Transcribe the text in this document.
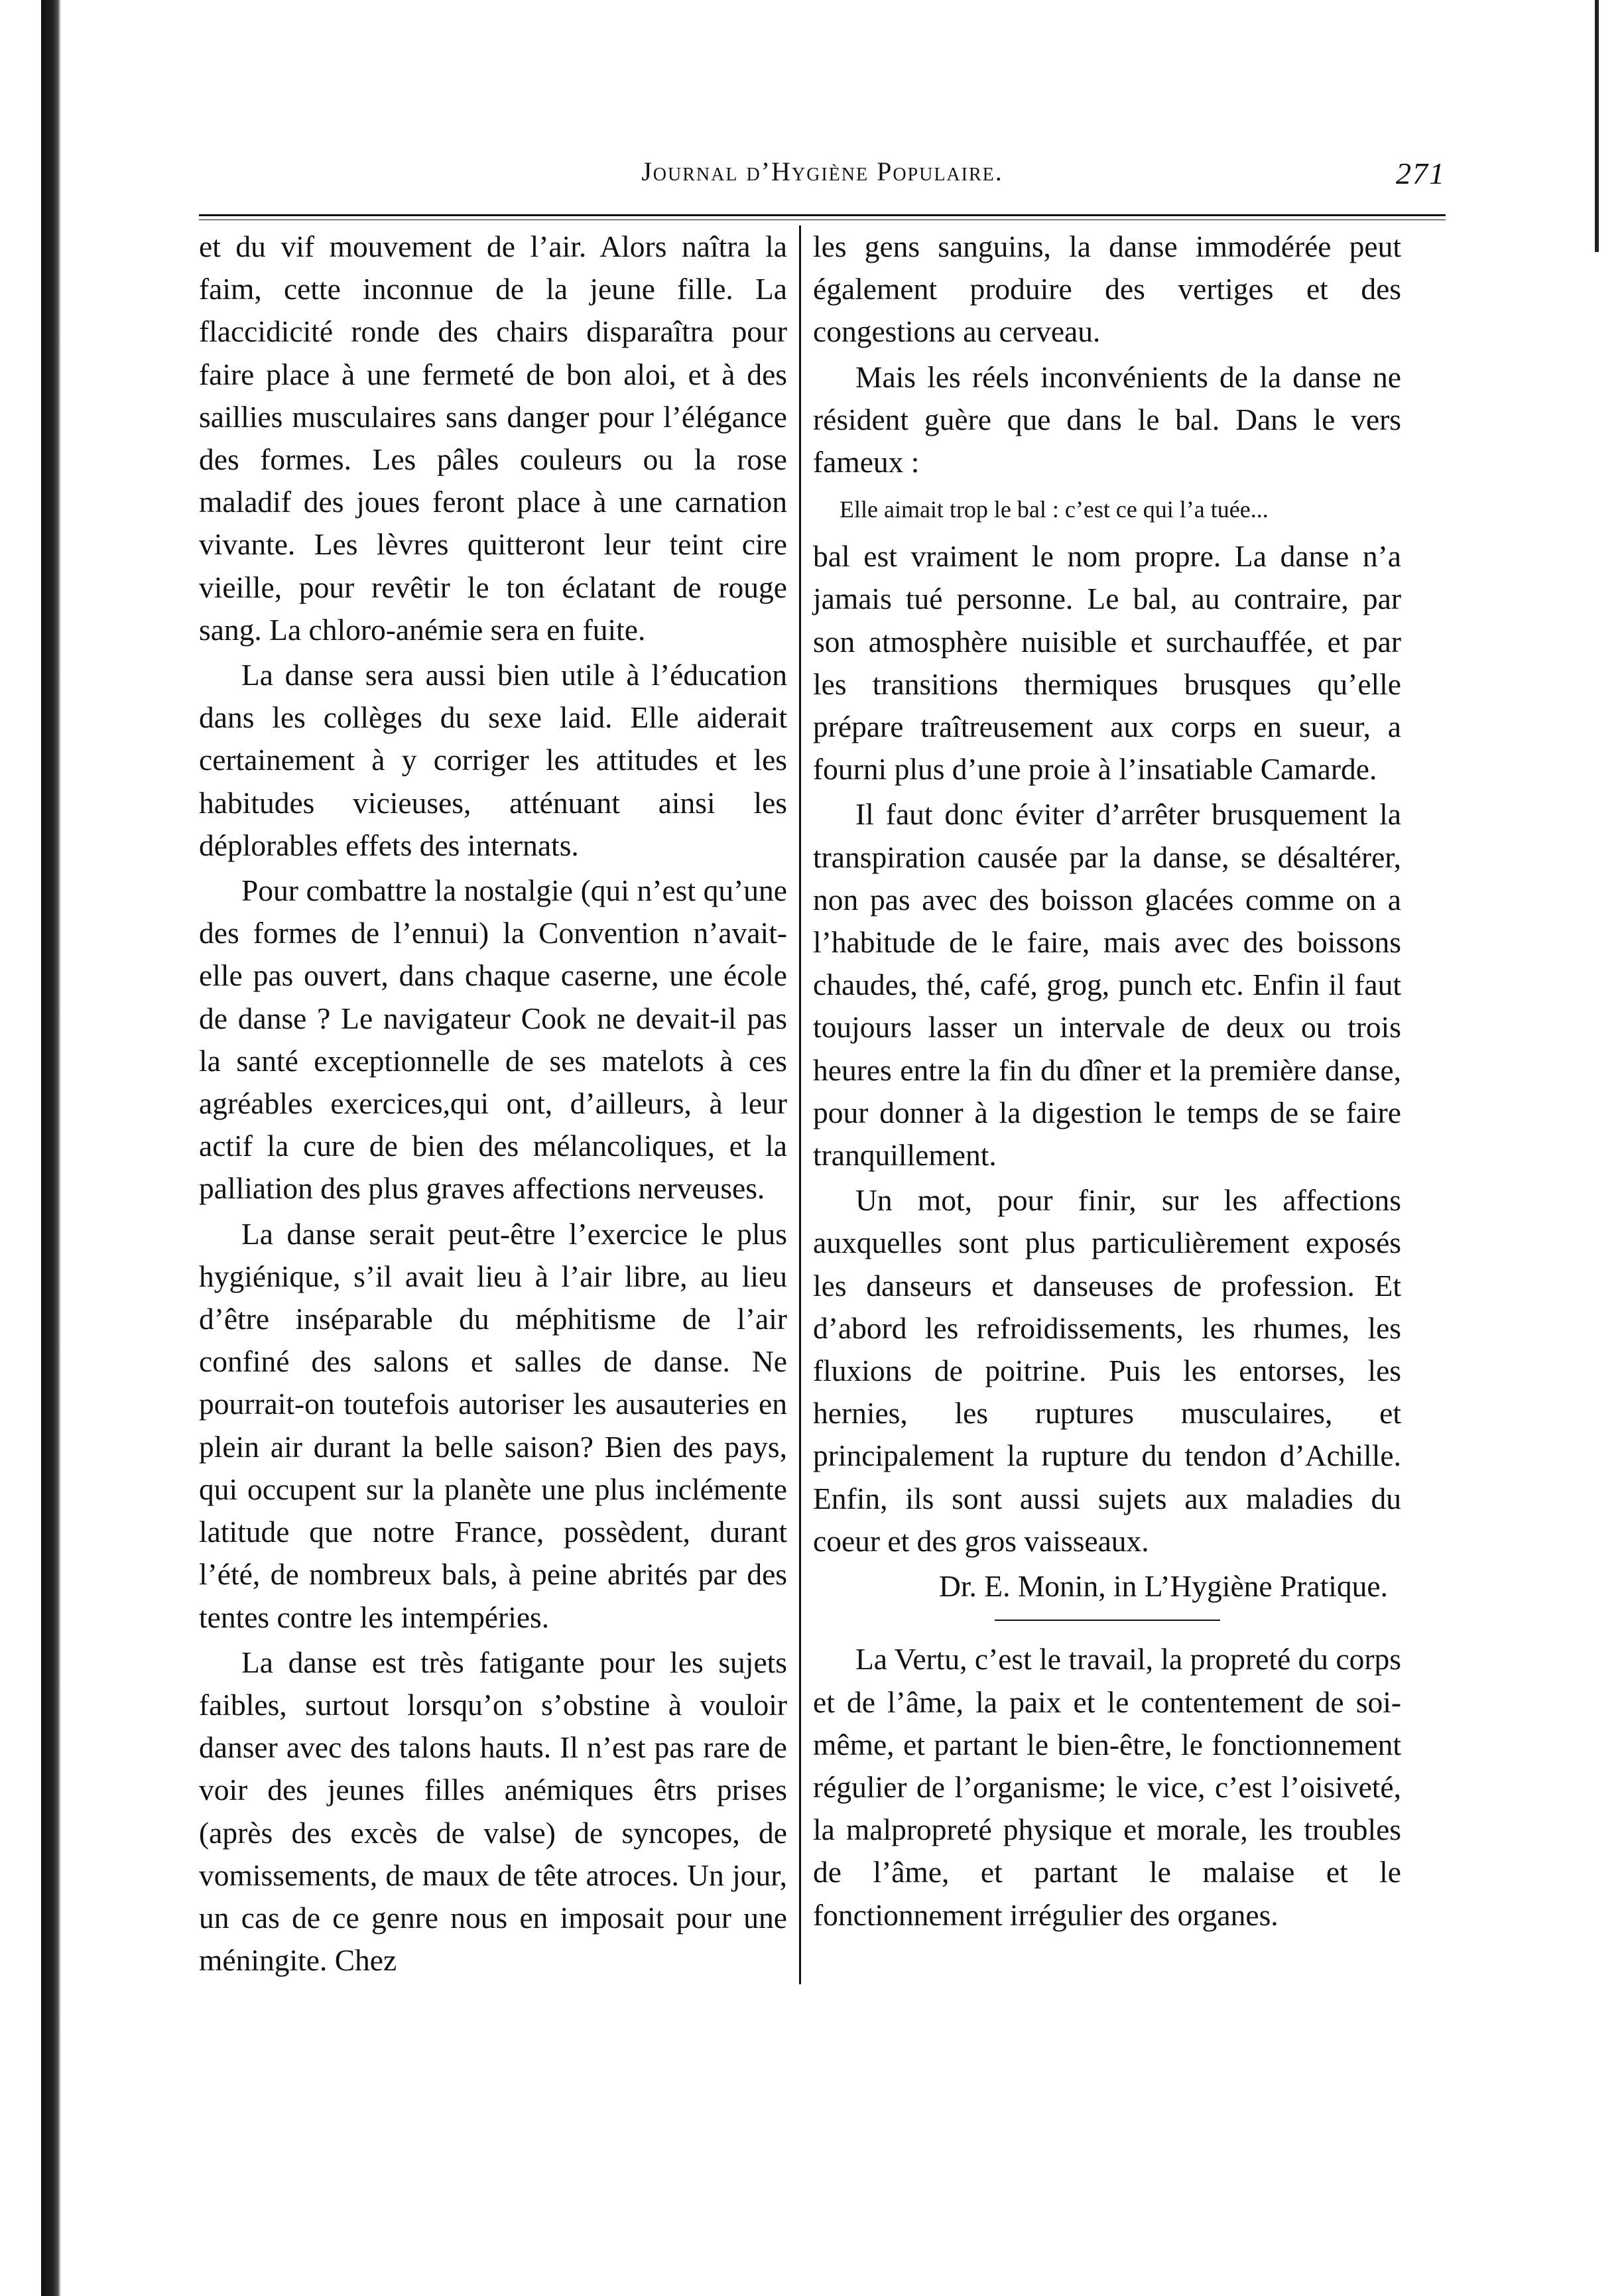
Journal d’Hygiène Populaire.	271

et du vif mouvement de l’air. Alors naîtra la faim, cette inconnue de la jeune fille. La flaccidicité ronde des chairs disparaîtra pour faire place à une fermeté de bon aloi, et à des saillies musculaires sans danger pour l’élégance des formes. Les pâles couleurs ou la rose maladif des joues feront place à une carnation vivante. Les lèvres quitteront leur teint cire vieille, pour revêtir le ton éclatant de rouge sang. La chloro-anémie sera en fuite.

La danse sera aussi bien utile à l’éducation dans les collèges du sexe laid. Elle aiderait certainement à y corriger les attitudes et les habitudes vicieuses, atténuant ainsi les déplorables effets des internats.

Pour combattre la nostalgie (qui n’est qu’une des formes de l’ennui) la Convention n’avait-elle pas ouvert, dans chaque caserne, une école de danse ? Le navigateur Cook ne devait-il pas la santé exceptionnelle de ses matelots à ces agréables exercices,qui ont, d’ailleurs, à leur actif la cure de bien des mélancoliques, et la palliation des plus graves affections nerveuses.

La danse serait peut-être l’exercice le plus hygiénique, s’il avait lieu à l’air libre, au lieu d’être inséparable du méphitisme de l’air confiné des salons et salles de danse. Ne pourrait-on toutefois autoriser les ausauteries en plein air durant la belle saison? Bien des pays, qui occupent sur la planète une plus inclémente latitude que notre France, possèdent, durant l’été, de nombreux bals, à peine abrités par des tentes contre les intempéries.

La danse est très fatigante pour les sujets faibles, surtout lorsqu’on s’obstine à vouloir danser avec des talons hauts. Il n’est pas rare de voir des jeunes filles anémiques êtrs prises (après des excès de valse) de syncopes, de vomissements, de maux de tête atroces. Un jour, un cas de ce genre nous en imposait pour une méningite. Chez

les gens sanguins, la danse immodérée peut également produire des vertiges et des congestions au cerveau.

Mais les réels inconvénients de la danse ne résident guère que dans le bal. Dans le vers fameux :

Elle aimait trop le bal : c’est ce qui l’a tuée...

bal est vraiment le nom propre. La danse n’a jamais tué personne. Le bal, au contraire, par son atmosphère nuisible et surchauffée, et par les transitions thermiques brusques qu’elle prépare traîtreusement aux corps en sueur, a fourni plus d’une proie à l’insatiable Camarde.

Il faut donc éviter d’arrêter brusquement la transpiration causée par la danse, se désaltérer, non pas avec des boisson glacées comme on a l’habitude de le faire, mais avec des boissons chaudes, thé, café, grog, punch etc. Enfin il faut toujours lasser un intervale de deux ou trois heures entre la fin du dîner et la première danse, pour donner à la digestion le temps de se faire tranquillement.

Un mot, pour finir, sur les affections auxquelles sont plus particulièrement exposés les danseurs et danseuses de profession. Et d’abord les refroidissements, les rhumes, les fluxions de poitrine. Puis les entorses, les hernies, les ruptures musculaires, et principalement la rupture du tendon d’Achille. Enfin, ils sont aussi sujets aux maladies du coeur et des gros vaisseaux.

Dr. E. Monin, in L’Hygiène Pratique.

La Vertu, c’est le travail, la propreté du corps et de l’âme, la paix et le contentement de soi-même, et partant le bien-être, le fonctionnement régulier de l’organisme; le vice, c’est l’oisiveté, la malpropreté physique et morale, les troubles de l’âme, et partant le malaise et le fonctionnement irrégulier des organes.
